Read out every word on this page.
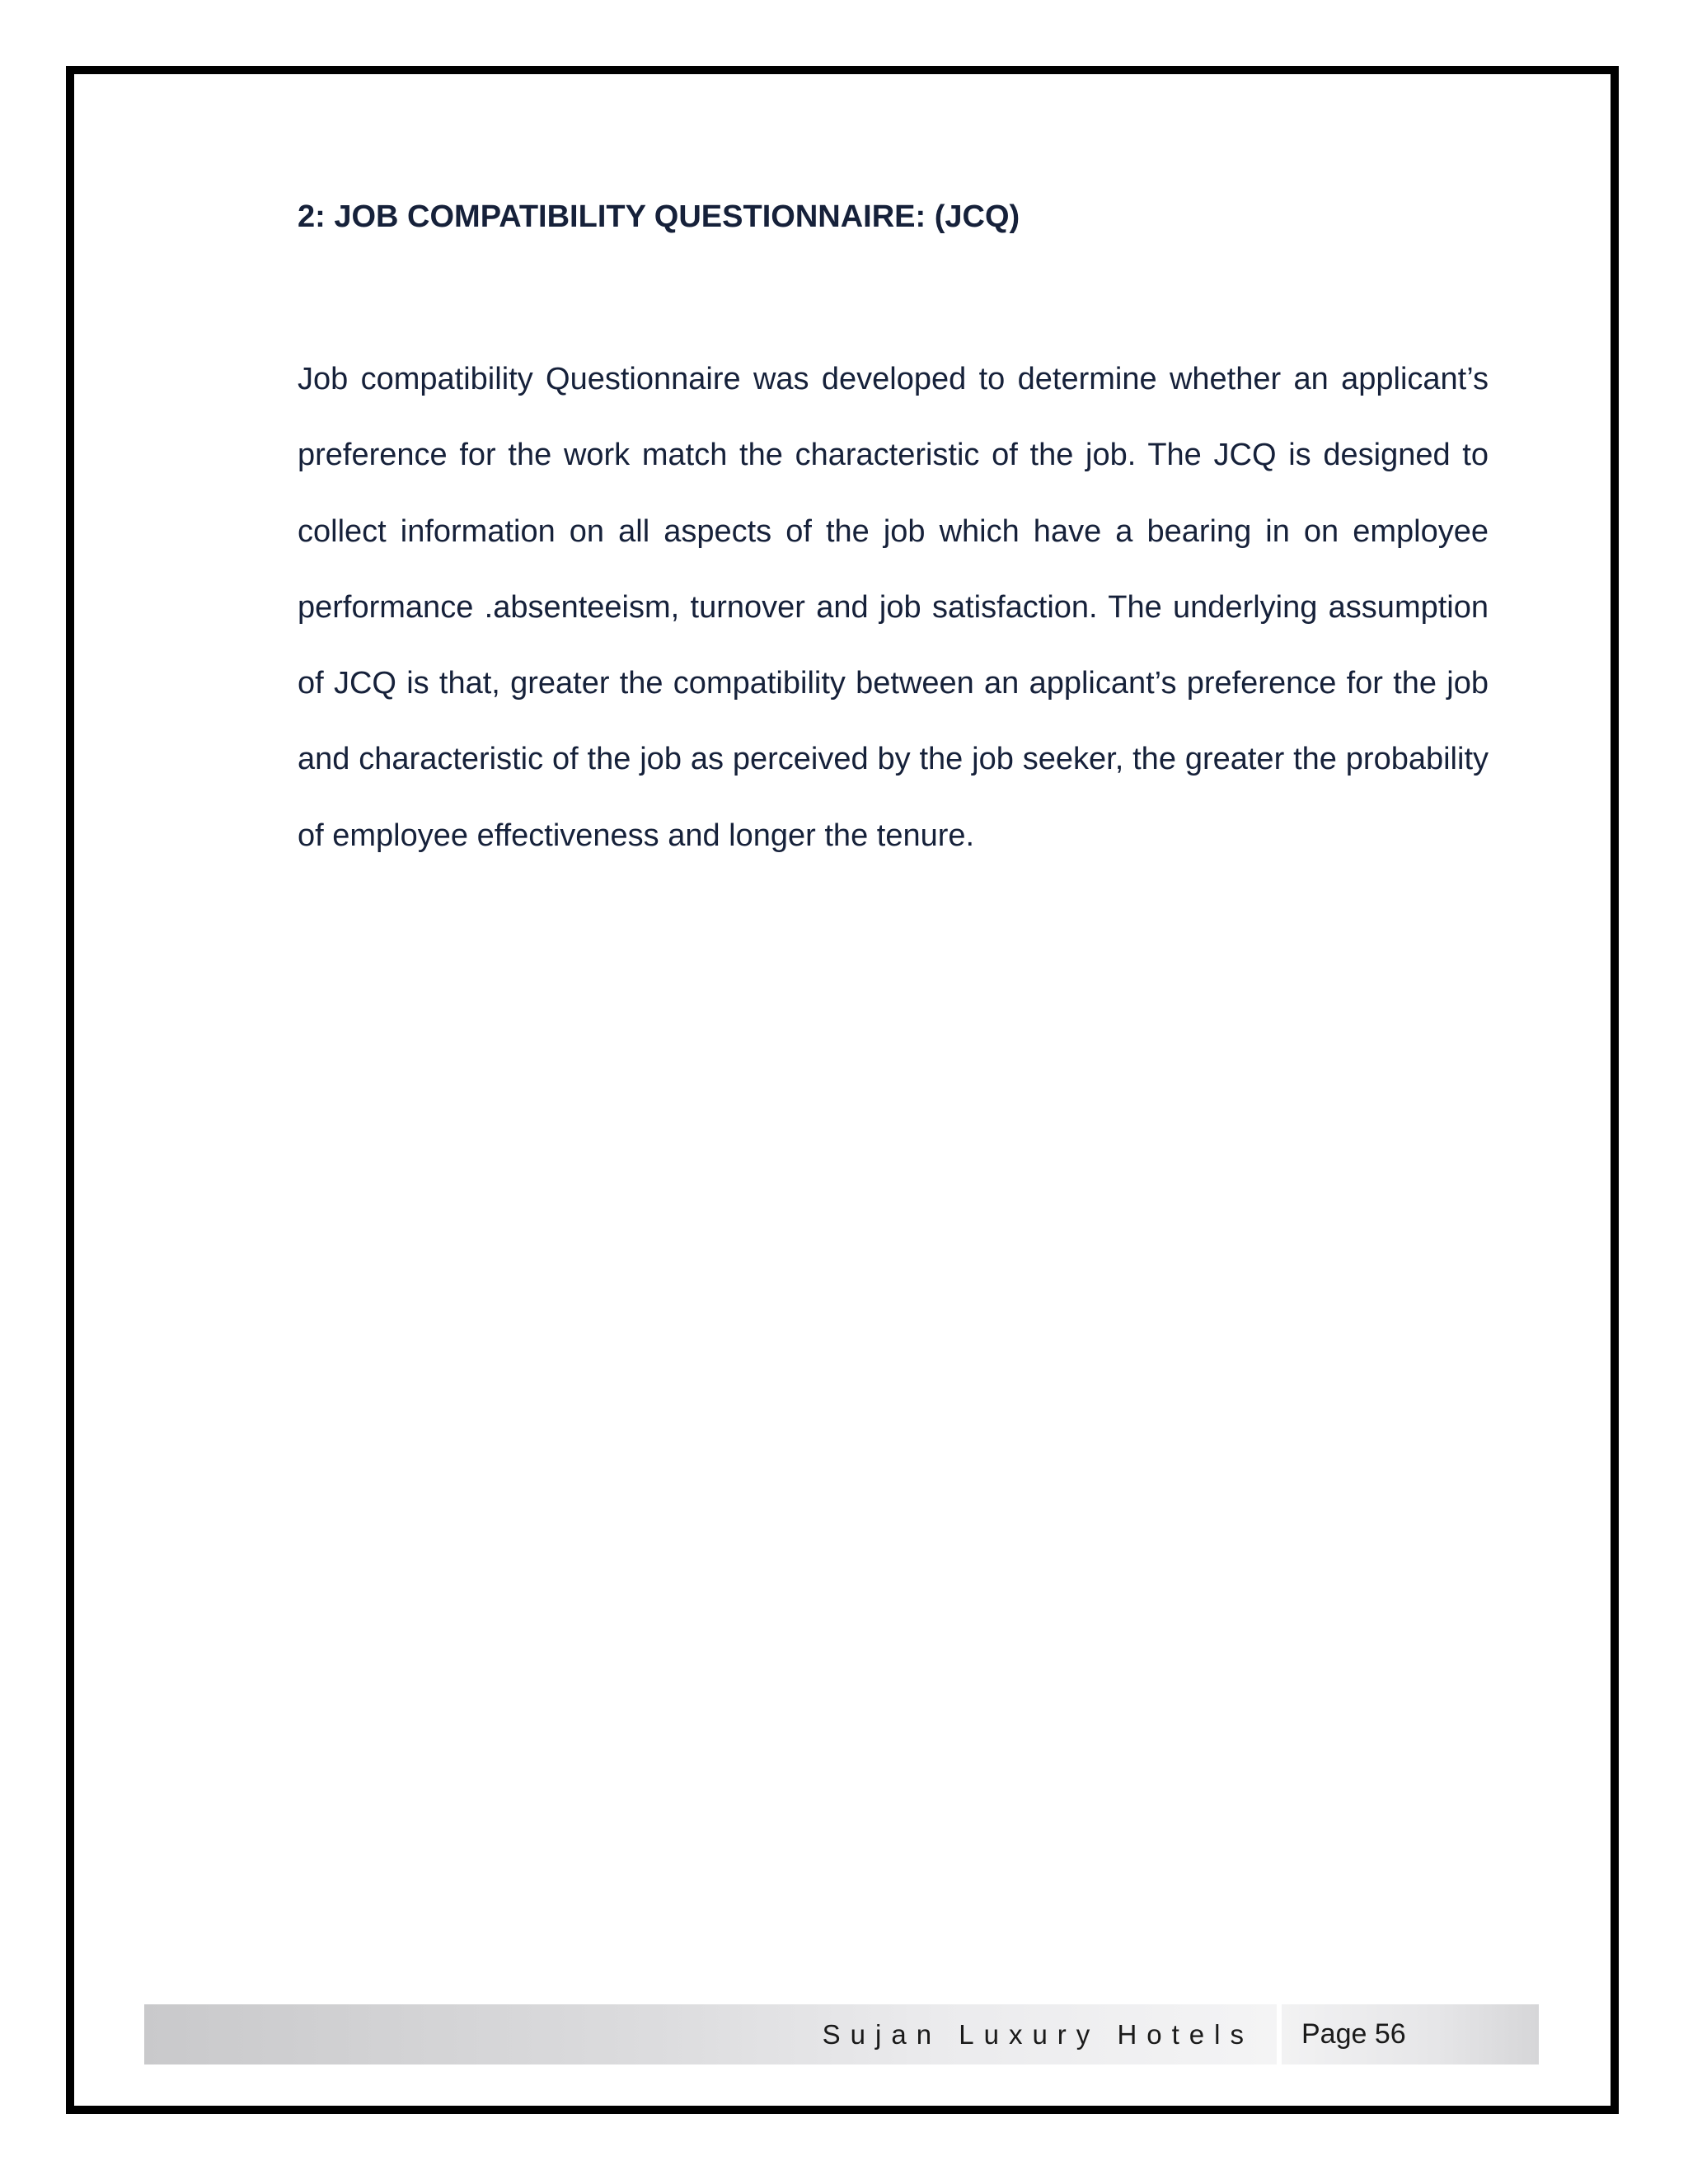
2: JOB COMPATIBILITY QUESTIONNAIRE: (JCQ)

Job compatibility Questionnaire was developed to determine whether an applicant’s preference for the work match the characteristic of the job. The JCQ is designed to collect information on all aspects of the job which have a bearing in on employee performance .absenteeism, turnover and job satisfaction. The underlying assumption of JCQ is that, greater the compatibility between an applicant’s preference for the job and characteristic of the job as perceived by the job seeker, the greater the probability of employee effectiveness and longer the tenure.

Sujan Luxury Hotels Page 56
